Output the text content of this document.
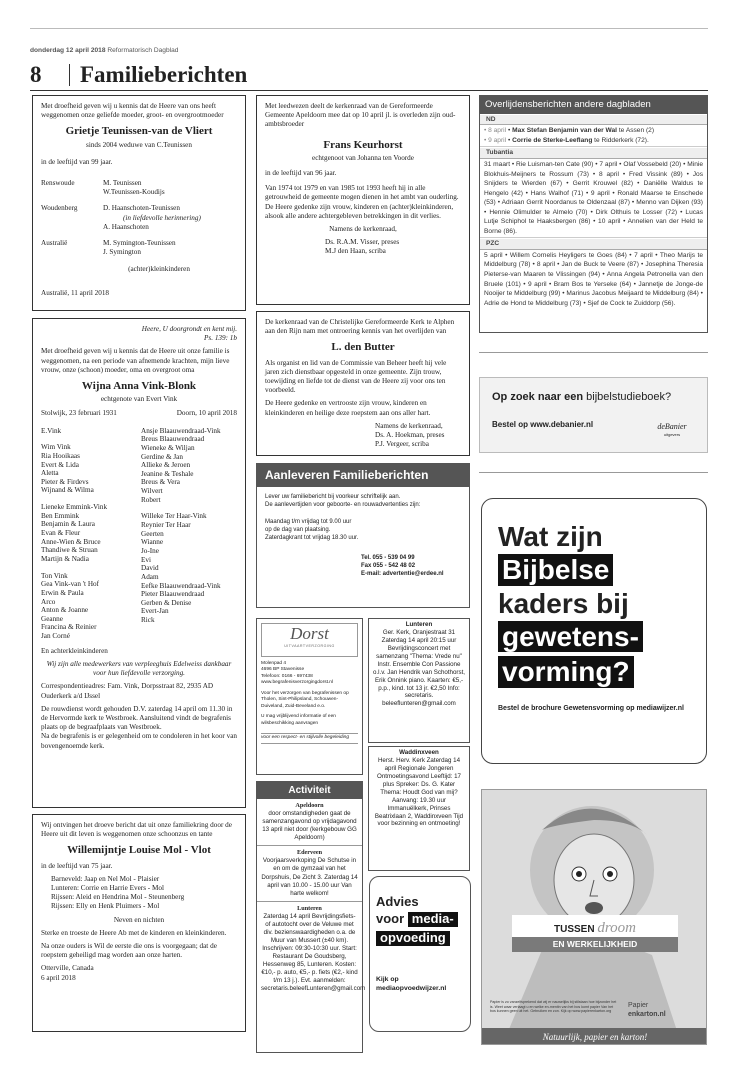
donderdag 12 april 2018 Reformatorisch Dagblad
8 Familieberichten
Met droefheid geven wij u kennis dat de Heere van ons heeft weggenomen onze geliefde moeder, groot- en overgrootmoeder
Grietje Teunissen-van de Vliert
sinds 2004 weduwe van C.Teunissen
in de leeftijd van 99 jaar.
Renswoude	M. Teunissen
W.Teunissen-Koudijs
Woudenberg	D. Haanschoten-Teunissen
(in liefdevolle herinnering)
A. Haanschoten
Australië	M. Symington-Teunissen
J. Symington
(achter)kleinkinderen
Australië, 11 april 2018
Heere, U doorgrondt en kent mij.
Ps. 139: 1b
Met droefheid geven wij u kennis dat de Heere uit onze familie is weggenomen, na een periode van afnemende krachten, mijn lieve vrouw, onze (schoon) moeder, oma en overgroot oma
Wijna Anna Vink-Blonk
echtgenote van Evert Vink
Stolwijk, 23 februari 1931	Doorn, 10 april 2018
E.Vink
Wim Vink
Ria Hooikaas
Evert & Lida
Aletta
Pieter & Firdevs
Wijnand & Wilma
Lieneke Emmink-Vink
Ben Emmink
Benjamin & Laura
Evan & Fleur
Anne-Wien & Bruce
Thandiwe & Struan
Martijn & Nadia
Ton Vink
Gea Vink-van 't Hof
Erwin & Paula
Arco
Anton & Joanne
Geanne
Francina & Reinier
Jan Corné
Ansje Blaauwendraad-Vink
Breus Blaauwendraad
Wieneke & Wiljan
Gerdine & Jan
Allieke & Jeroen
Jeanine & Teshale
Breus & Vera
Wilvert
Robert
Willeke Ter Haar-Vink
Reynier Ter Haar
Geerten
Wianne
Jo-Ine
Evi
David
Adam
Eefke Blaauwendraad-Vink
Pieter Blaauwendraad
Gerben & Denise
Evert-Jan
Rick
En achterkleinkinderen
Wij zijn alle medewerkers van verpleeghuis Edelweiss dankbaar voor hun liefdevolle verzorging.
Correspondentieadres: Fam. Vink, Dorpsstraat 82, 2935 AD Ouderkerk a/d IJssel
De rouwdienst wordt gehouden D.V. zaterdag 14 april om 11.30 in de Hervormde kerk te Westbroek. Aansluitend vindt de begrafenis plaats op de begraafplaats van Westbroek.
Na de begrafenis is er gelegenheid om te condoleren in het koor van bovengenoemde kerk.
Wij ontvingen het droeve bericht dat uit onze familiekring door de Heere uit dit leven is weggenomen onze schoonzus en tante
Willemijntje Louise Mol - Vlot
in de leeftijd van 75 jaar.
Barneveld: Jaap en Nel Mol - Plaisier
Lunteren: Corrie en Harrie Evers - Mol
Rijssen: Aleid en Hendrina Mol - Steunenberg
Rijssen: Elly en Henk Pluimers - Mol
Neven en nichten
Sterke en troeste de Heere Ab met de kinderen en kleinkinderen.
Na onze ouders is Wil de eerste die ons is voorgegaan; dat de roepstem geheiligd mag worden aan onze harten.
Otterville, Canada
6 april 2018
Met leedwezen deelt de kerkenraad van de Gereformeerde Gemeente Apeldoorn mee dat op 10 april jl. is overleden zijn oud-ambtsbroeder
Frans Keurhorst
echtgenoot van Johanna ten Voorde
in de leeftijd van 96 jaar.
Van 1974 tot 1979 en van 1985 tot 1993 heeft hij in alle getrouwheid de gemeente mogen dienen in het ambt van ouderling. De Heere gedenke zijn vrouw, kinderen en (achter)kleinkinderen, alsook alle andere achtergebleven betrekkingen in dit verlies.
Namens de kerkenraad,
Ds. R.A.M. Visser, preses
M.J den Haan, scriba
De kerkenraad van de Christelijke Gereformeerde Kerk te Alphen aan den Rijn nam met ontroering kennis van het overlijden van
L. den Butter
Als organist en lid van de Commissie van Beheer heeft hij vele jaren zich dienstbaar opgesteld in onze gemeente. Zijn trouw, toewijding en liefde tot de dienst van de Heere zij voor ons ten voorbeeld.
De Heere gedenke en vertrooste zijn vrouw, kinderen en kleinkinderen en heilige deze roepstem aan ons aller hart.
Namens de kerkenraad,
Ds. A. Hoekman, preses
P.J. Vergeer, scriba
Aanleveren Familieberichten
Lever uw familiebericht bij voorkeur schriftelijk aan.
De aanlevertijden voor geboorte- en rouwadvertenties zijn:
Maandag t/m vrijdag tot 9.00 uur
op de dag van plaatsing.
Zaterdagkrant tot vrijdag 18.30 uur.
Tel. 055 - 539 04 99
Fax 055 - 542 48 02
E-mail: advertentie@erdee.nl
Dorst
UITVAARTVERZORGING
Molenpad 4
4696 BP Stavenisse
Telefoon: 0166 - 697438
www.begrafenisverzorgingdorst.nl
Voor het verzorgen van begrafenissen op Tholen, Sint-Philipsland, Schouwen-Duiveland, Zuid-Beveland e.o.
U mag vrijblijvend informatie of een wilsbeschikking aanvragen
voor een respect- en stijlvolle begeleiding
Activiteit
Apeldoorn
door omstandigheden gaat de samenzangavond op vrijdagavond 13 april niet door (kerkgebouw GG Apeldoorn)
Ederveen
Voorjaarsverkoping De Schutse in en om de gymzaal van het Dorpshuis, De Zicht 3. Zaterdag 14 april van 10.00 - 15.00 uur Van harte welkom!
Lunteren
Zaterdag 14 april Bevrijdingsfiets- of autotocht over de Veluwe met div. bezienswaardigheden o.a. de Muur van Mussert (±40 km). Inschrijven: 09:30-10:30 uur. Start: Restaurant De Goudsberg, Hessenweg 85, Lunteren. Kosten: €10,- p. auto, €5,- p. fiets (€2,- kind t/m 13 j.). Evt. aanmelden: secretaris.beleefLunteren@gmail.com
Lunteren
Ger. Kerk, Oranjestraat 31 Zaterdag 14 april 20:15 uur Bevrijdingsconcert met samenzang "Thema: Vrede nu" Instr. Ensemble Con Passione o.l.v. Jan Hendrik van Schothorst, Erik Onnink piano. Kaarten: €5,- p.p., kind. tot 13 jr. €2,50 Info: secretaris. beleeflunteren@gmail.com
Waddinxveen
Herst. Herv. Kerk Zaterdag 14 april Regionale Jongeren Ontmoetingsavond Leeftijd: 17 plus Spreker: Ds. G. Kater Thema: Houdt God van mij? Aanvang: 19.30 uur Immanuëlkerk, Prinses Beatrixlaan 2, Waddinxveen Tijd voor bezinning en ontmoeting!
Advies
voor media-
opvoeding
Kijk op mediaopvoedwijzer.nl
Overlijdensberichten andere dagbladen
ND
• 8 april • Max Stefan Benjamin van der Wal te Assen (2)
• 9 april • Corrie de Sterke-Leeflang te Ridderkerk (72).
Tubantia
31 maart • Rie Luisman-ten Cate (90) • 7 april • Olaf Vossebeld (20) • Minie Blokhuis-Meijners te Rossum (73) • 8 april • Fred Vissink (89) • Jos Snijders te Wierden (67) • Gerrit Krouwel (82) • Daniëlle Waldus te Hengelo (42) • Hans Walhof (71) • 9 april • Ronald Maarse te Enschede (53) • Adriaan Gerrit Noordanus te Oldenzaal (87) • Menno van Dijken (93) • Hennie Olimulder te Almelo (70) • Dirk Olthuis te Losser (72) • Lucas Lutje Schiphol te Haaksbergen (86) • 10 april • Annelien van der Held te Borne (86).
PZC
5 april • Willem Cornelis Heyligers te Goes (84) • 7 april • Theo Marijs te Middelburg (78) • 8 april • Jan de Buck te Veere (87) • Josephina Theresia Pieterse-van Maaren te Vlissingen (94) • Anna Angela Petronella van den Bruele (101) • 9 april • Bram Bos te Yerseke (64) • Jannetje de Jonge-de Nooijer te Middelburg (99) • Marinus Jacobus Meijaard te Middelburg (84) • Adrie de Hond te Middelburg (73) • Sjef de Cock te Zuiddorp (56).
Op zoek naar een bijbelstudieboek?
Bestel op www.debanier.nl	deBanier
uitgevers
Wat zijn
Bijbelse
kaders bij
gewetens-
vorming?
Bestel de brochure Gewetensvorming op mediawijzer.nl
TUSSEN droom
EN WERKELIJKHEID
Papier is zo vanzelfsprekend dat wij er nauwelijks bij stilstaan hoe bijzonder het is. Weet waar verlaagt u en welke en-mentin van het bos komt papier Van het bos kunnen geen uit het. Gebruiken en zon. Kijk op www.papierenkarton.org
Papier
enkarton.nl
Natuurlijk, papier en karton!
